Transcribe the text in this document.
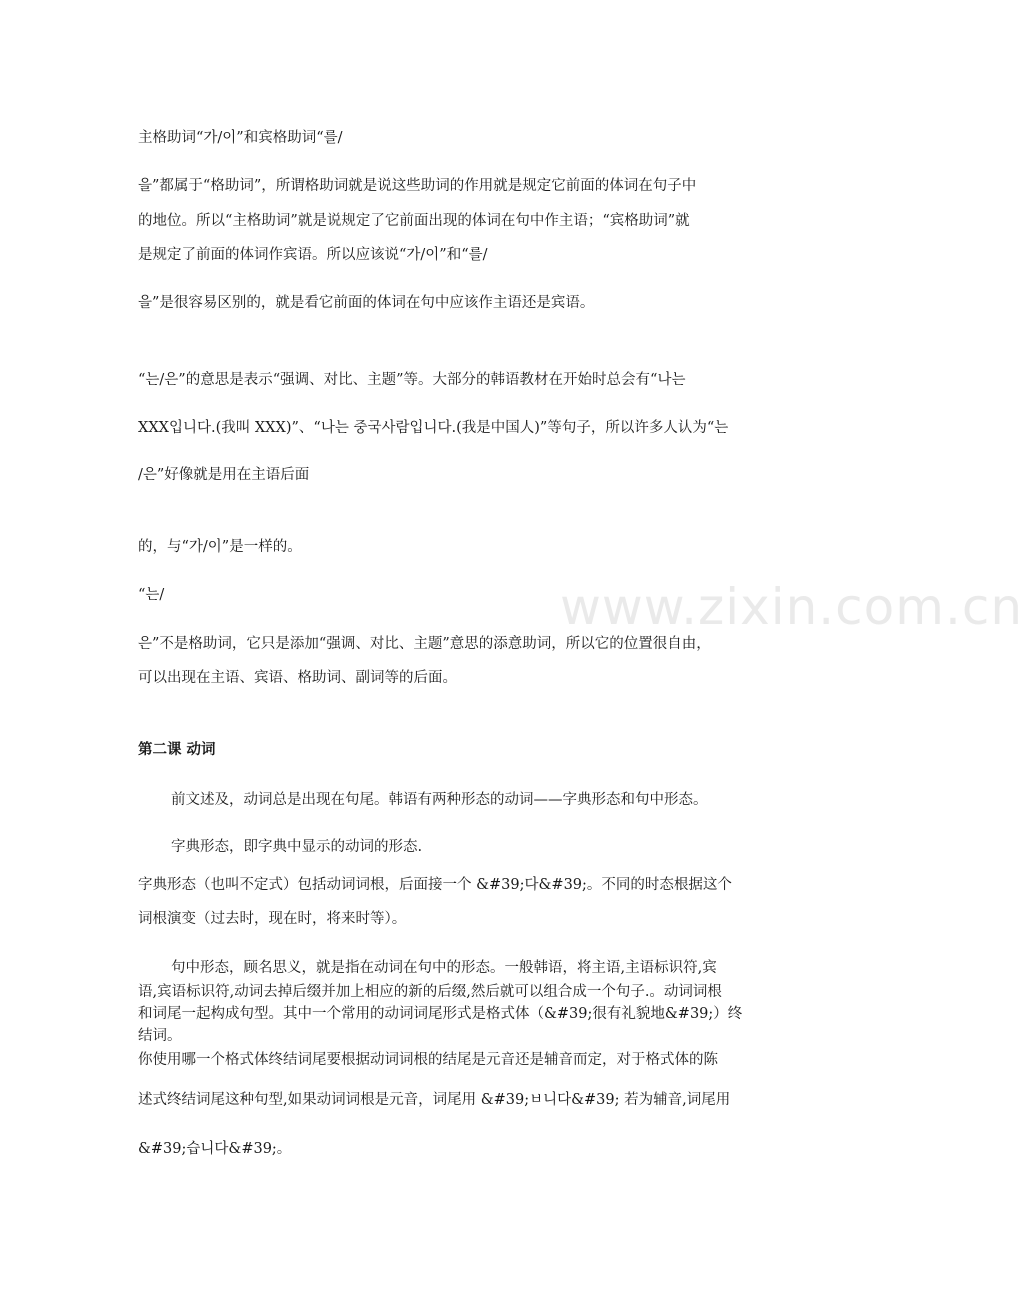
www.zixin.com.cn
主格助词“가/이”和宾格助词“를/
을”都属于“格助词”，所谓格助词就是说这些助词的作用就是规定它前面的体词在句子中
的地位。所以“主格助词”就是说规定了它前面出现的体词在句中作主语；“宾格助词”就
是规定了前面的体词作宾语。所以应该说“가/이”和“를/
을”是很容易区别的，就是看它前面的体词在句中应该作主语还是宾语。
“는/은”的意思是表示“强调、对比、主题”等。大部分的韩语教材在开始时总会有“나는
XXX입니다.(我叫 XXX)”、“나는 중국사람입니다.(我是中国人)”等句子，所以许多人认为“는
/은”好像就是用在主语后面
的，与“가/이”是一样的。
“는/
은”不是格助词，它只是添加“强调、对比、主题”意思的添意助词，所以它的位置很自由，
可以出现在主语、宾语、格助词、副词等的后面。
第二课 动词
前文述及，动词总是出现在句尾。韩语有两种形态的动词——字典形态和句中形态。
字典形态，即字典中显示的动词的形态.
字典形态（也叫不定式）包括动词词根，后面接一个 &#39;다&#39;。不同的时态根据这个
词根演变（过去时，现在时，将来时等）。
句中形态，顾名思义，就是指在动词在句中的形态。一般韩语，将主语,主语标识符,宾
语,宾语标识符,动词去掉后缀并加上相应的新的后缀,然后就可以组合成一个句子.。动词词根
和词尾一起构成句型。其中一个常用的动词词尾形式是格式体（&#39;很有礼貌地&#39;）终
结词。
你使用哪一个格式体终结词尾要根据动词词根的结尾是元音还是辅音而定，对于格式体的陈
述式终结词尾这种句型,如果动词词根是元音，词尾用 &#39;ㅂ니다&#39; 若为辅音,词尾用
&#39;습니다&#39;。
